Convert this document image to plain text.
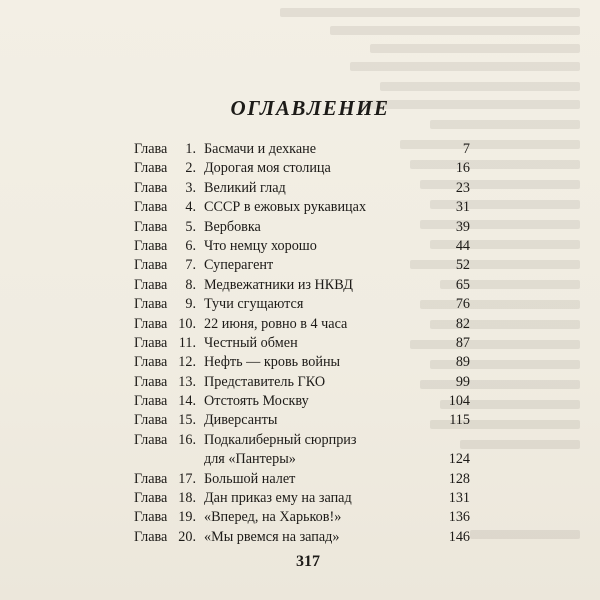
ОГЛАВЛЕНИЕ
Глава	1. Басмачи и дехкане	7
Глава	2. Дорогая моя столица	16
Глава	3. Великий глад	23
Глава	4. СССР в ежовых рукавицах	31
Глава	5. Вербовка	39
Глава	6. Что немцу хорошо	44
Глава	7. Суперагент	52
Глава	8. Медвежатники из НКВД	65
Глава	9. Тучи сгущаются	76
Глава 10. 22 июня, ровно в 4 часа	82
Глава 11. Честный обмен	87
Глава 12. Нефть — кровь войны	89
Глава 13. Представитель ГКО	99
Глава 14. Отстоять Москву	104
Глава 15. Диверсанты	115
Глава 16. Подкалиберный сюрприз
для «Пантеры»	124
Глава 17. Большой налет	128
Глава 18. Дан приказ ему на запад	131
Глава 19. «Вперед, на Харьков!»	136
Глава 20. «Мы рвемся на запад»	146
317
